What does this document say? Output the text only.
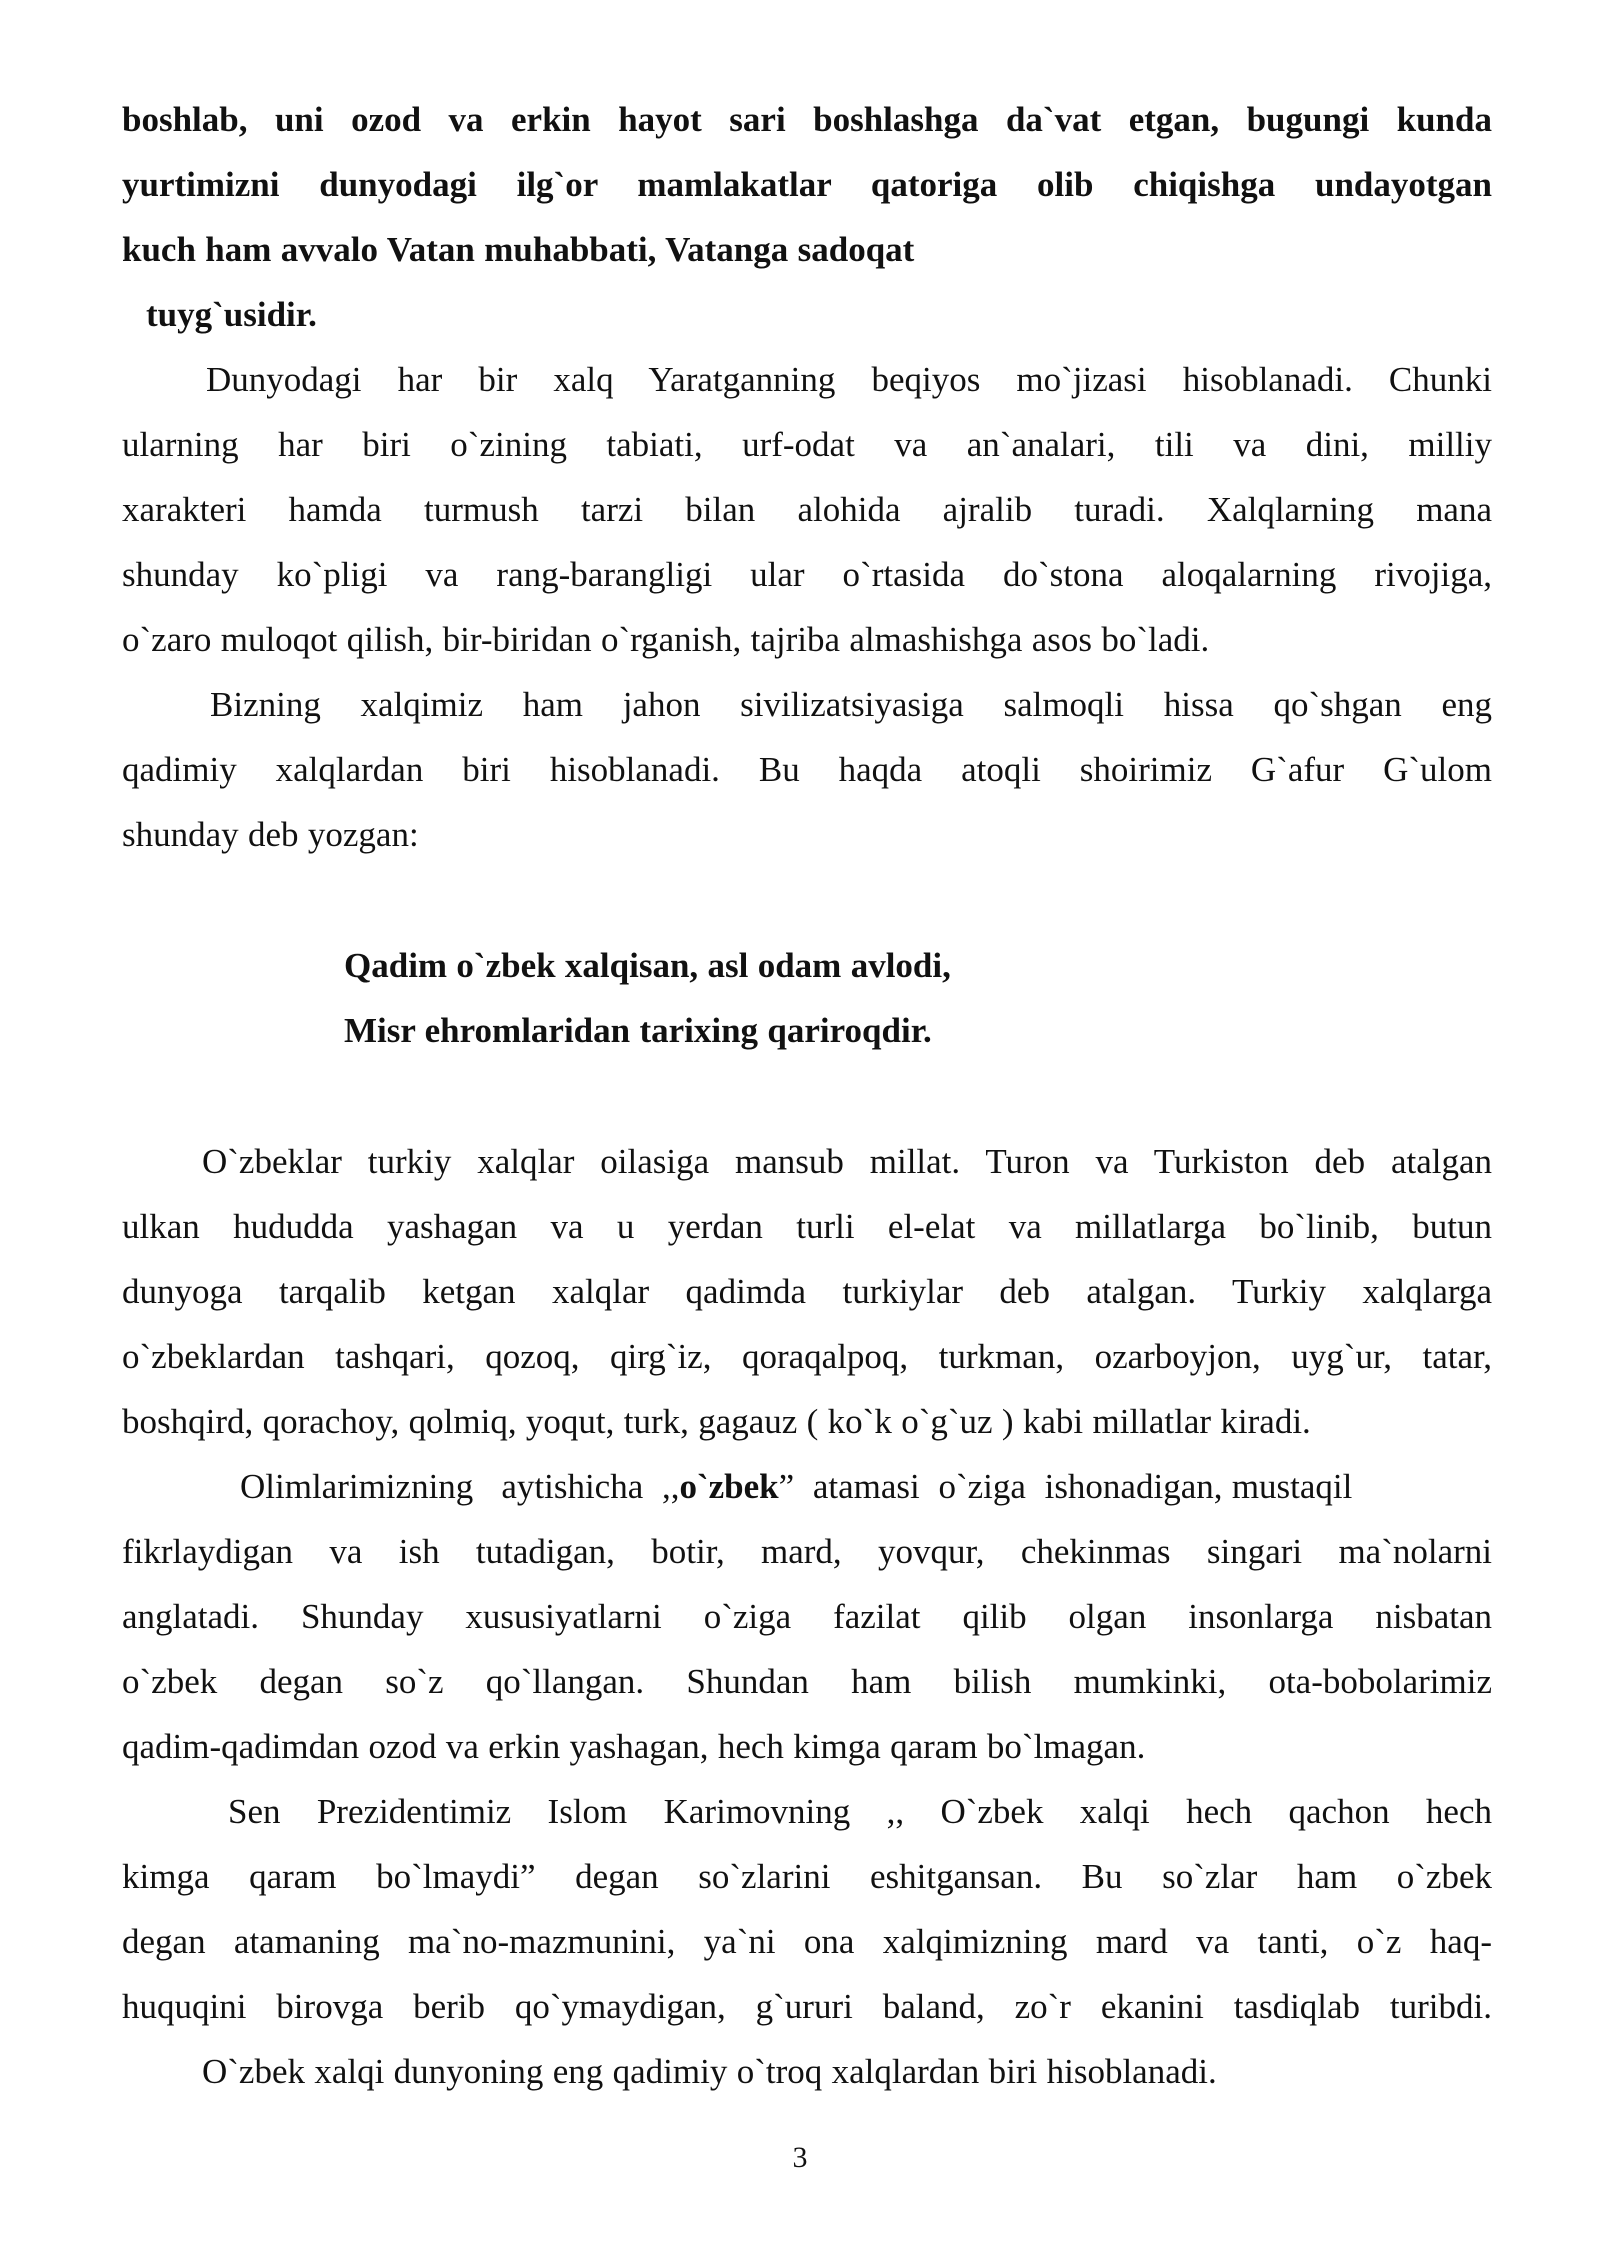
boshlab, uni ozod va erkin hayot sari boshlashga da`vat etgan, bugungi kunda
yurtimizni dunyodagi ilg`or mamlakatlar qatoriga olib chiqishga undayotgan
kuch ham avvalo Vatan muhabbati, Vatanga sadoqat
tuyg`usidir.
Dunyodagi har bir xalq Yaratganning beqiyos mo`jizasi hisoblanadi. Chunki
ularning har biri o`zining tabiati, urf-odat va an`analari, tili va dini, milliy
xarakteri hamda turmush tarzi bilan alohida ajralib turadi. Xalqlarning mana
shunday ko`pligi va rang-barangligi ular o`rtasida do`stona aloqalarning rivojiga,
o`zaro muloqot qilish, bir-biridan o`rganish, tajriba almashishga asos bo`ladi.
Bizning xalqimiz ham jahon sivilizatsiyasiga salmoqli hissa qo`shgan eng
qadimiy xalqlardan biri hisoblanadi. Bu haqda atoqli shoirimiz G`afur G`ulom
shunday deb yozgan:
Qadim o`zbek xalqisan, asl odam avlodi,
Misr ehromlaridan tarixing qariroqdir.
O`zbeklar turkiy xalqlar oilasiga mansub millat. Turon va Turkiston deb atalgan
ulkan hududda yashagan va u yerdan turli el-elat va millatlarga bo`linib, butun
dunyoga tarqalib ketgan xalqlar qadimda turkiylar deb atalgan. Turkiy xalqlarga
o`zbeklardan tashqari, qozoq, qirg`iz, qoraqalpoq, turkman, ozarboyjon, uyg`ur, tatar,
boshqird, qorachoy, qolmiq, yoqut, turk, gagauz ( ko`k o`g`uz ) kabi millatlar kiradi.
Olimlarimizning   aytishicha  ,,o`zbek”  atamasi  o`ziga  ishonadigan, mustaqil
fikrlaydigan va ish tutadigan, botir, mard, yovqur, chekinmas singari ma`nolarni
anglatadi. Shunday xususiyatlarni o`ziga fazilat qilib olgan insonlarga nisbatan
o`zbek degan so`z qo`llangan. Shundan ham bilish mumkinki, ota-bobolarimiz
qadim-qadimdan ozod va erkin yashagan, hech kimga qaram bo`lmagan.
Sen Prezidentimiz Islom Karimovning ,, O`zbek xalqi hech qachon hech
kimga qaram bo`lmaydi” degan so`zlarini eshitgansan. Bu so`zlar ham o`zbek
degan atamaning ma`no-mazmunini, ya`ni ona xalqimizning mard va tanti, o`z haq-
huquqini birovga berib qo`ymaydigan, g`ururi baland, zo`r ekanini tasdiqlab turibdi.
O`zbek xalqi dunyoning eng qadimiy o`troq xalqlardan biri hisoblanadi.
3
